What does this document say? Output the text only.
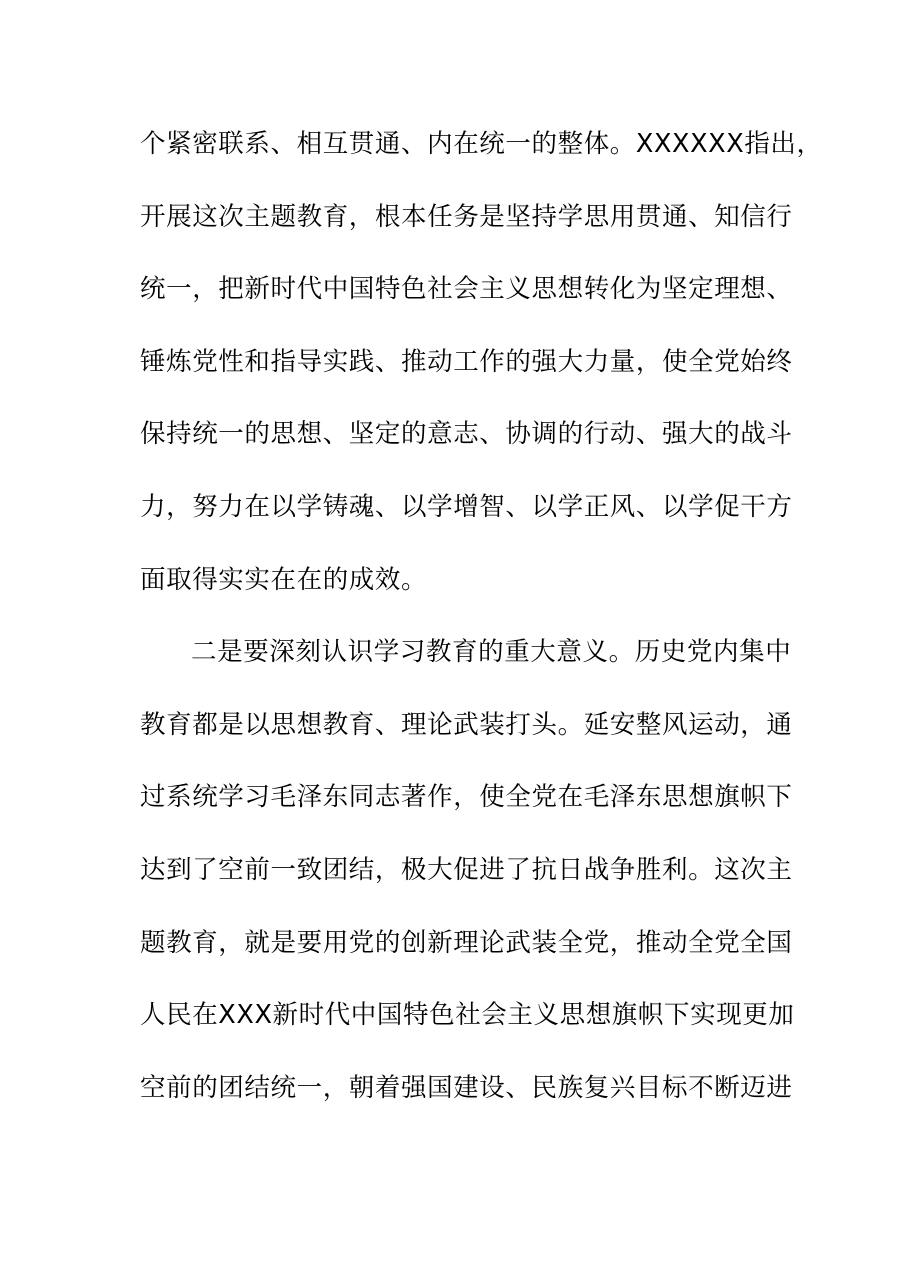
个紧密联系、相互贯通、内在统一的整体。XXXXXX指出，
开展这次主题教育，根本任务是坚持学思用贯通、知信行
统一，把新时代中国特色社会主义思想转化为坚定理想、
锤炼党性和指导实践、推动工作的强大力量，使全党始终
保持统一的思想、坚定的意志、协调的行动、强大的战斗
力，努力在以学铸魂、以学增智、以学正风、以学促干方
面取得实实在在的成效。
二是要深刻认识学习教育的重大意义。历史党内集中
教育都是以思想教育、理论武装打头。延安整风运动，通
过系统学习毛泽东同志著作，使全党在毛泽东思想旗帜下
达到了空前一致团结，极大促进了抗日战争胜利。这次主
题教育，就是要用党的创新理论武装全党，推动全党全国
人民在XXX新时代中国特色社会主义思想旗帜下实现更加
空前的团结统一，朝着强国建设、民族复兴目标不断迈进
